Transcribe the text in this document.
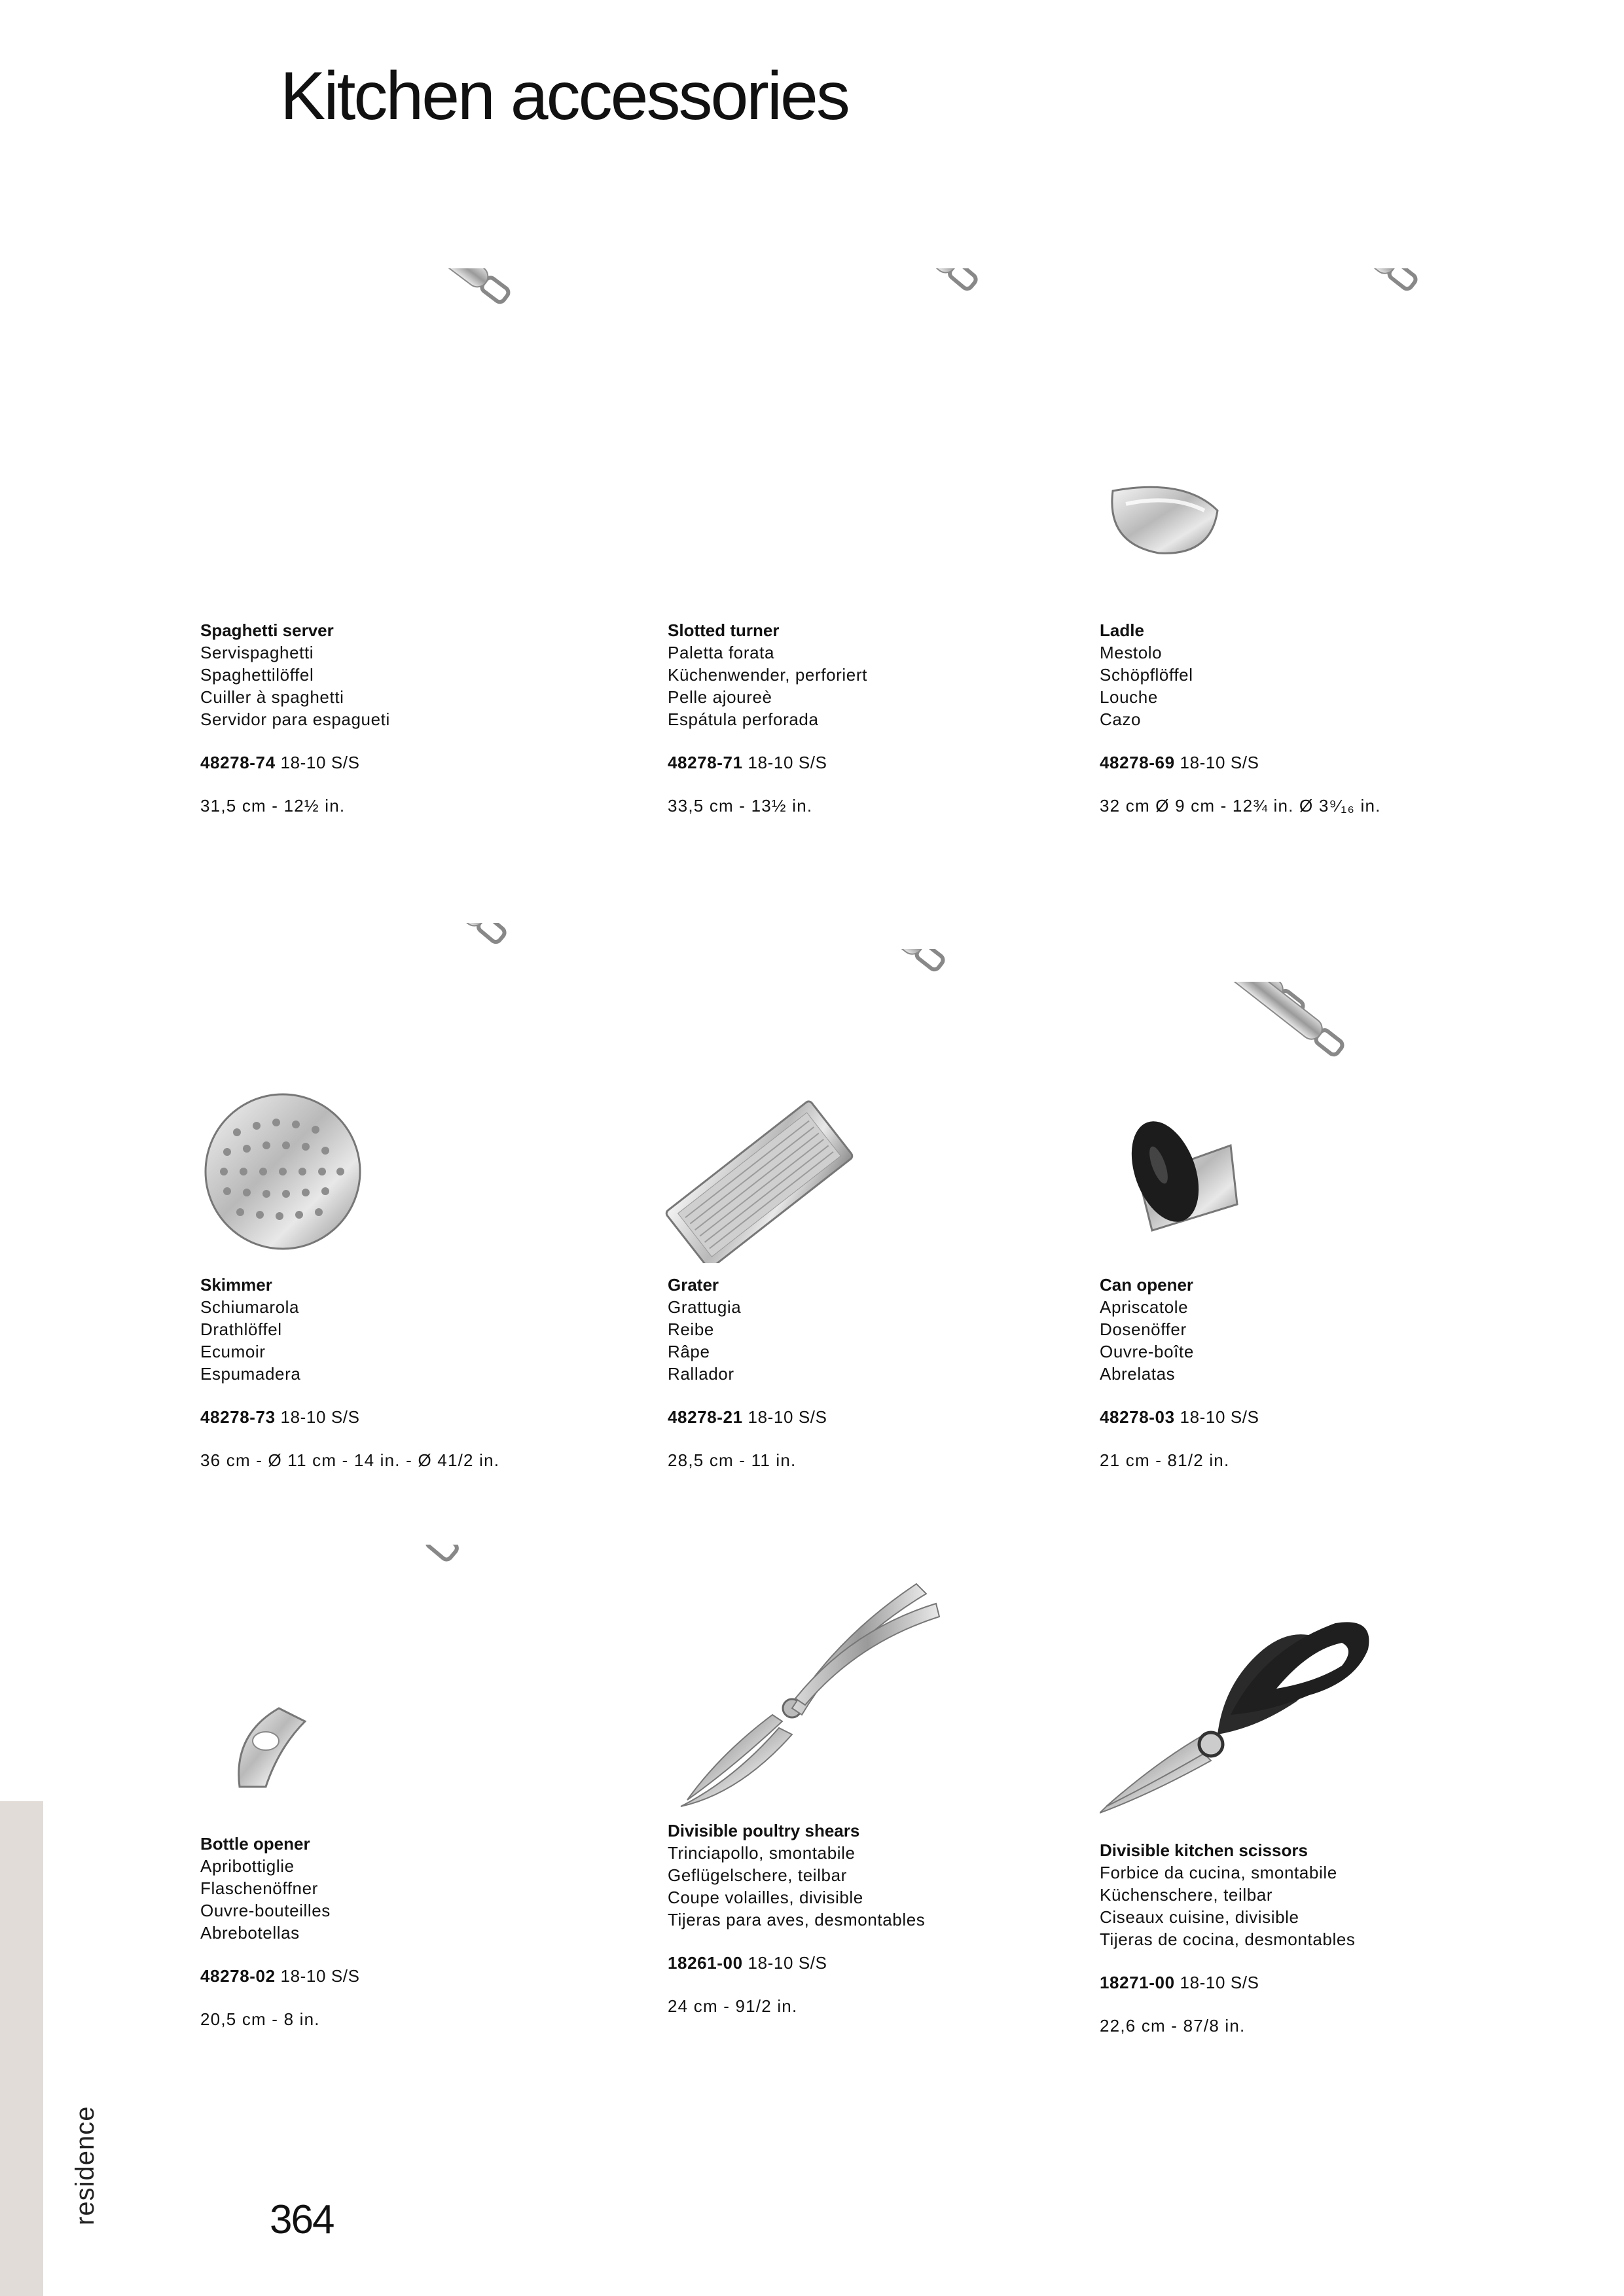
Kitchen accessories
residence	364

Spaghetti server

Servispaghetti

Spaghettilöffel

Cuiller à spaghetti

Servidor para espagueti

48278-74 18-10 S/S
31,5 cm - 12½ in.

Slotted turner

Paletta forata

Küchenwender, perforiert

Pelle ajoureè

Espátula perforada

48278-71 18-10 S/S
33,5 cm - 13½ in.

Ladle

Mestolo

Schöpflöffel

Louche

Cazo

48278-69 18-10 S/S
32 cm Ø 9 cm - 12¾ in. Ø 3⁹⁄₁₆ in.

Skimmer

Schiumarola

Drathlöffel

Ecumoir

Espumadera

48278-73 18-10 S/S
36 cm - Ø 11 cm - 14 in. - Ø 41/2 in.

Grater

Grattugia

Reibe

Râpe

Rallador

48278-21 18-10 S/S
28,5 cm - 11 in.

Can opener

Apriscatole

Dosenöffer

Ouvre-boîte

Abrelatas

48278-03 18-10 S/S
21 cm - 81/2 in.

Bottle opener

Apribottiglie

Flaschenöffner

Ouvre-bouteilles

Abrebotellas

48278-02 18-10 S/S
20,5 cm - 8 in.

Divisible poultry shears

Trinciapollo, smontabile

Geflügelschere, teilbar

Coupe volailles, divisible

Tijeras para aves, desmontables

18261-00 18-10 S/S
24 cm - 91/2 in.

Divisible kitchen scissors

Forbice da cucina, smontabile

Küchenschere, teilbar

Ciseaux cuisine, divisible

Tijeras de cocina, desmontables

18271-00 18-10 S/S
22,6 cm - 87/8 in.
